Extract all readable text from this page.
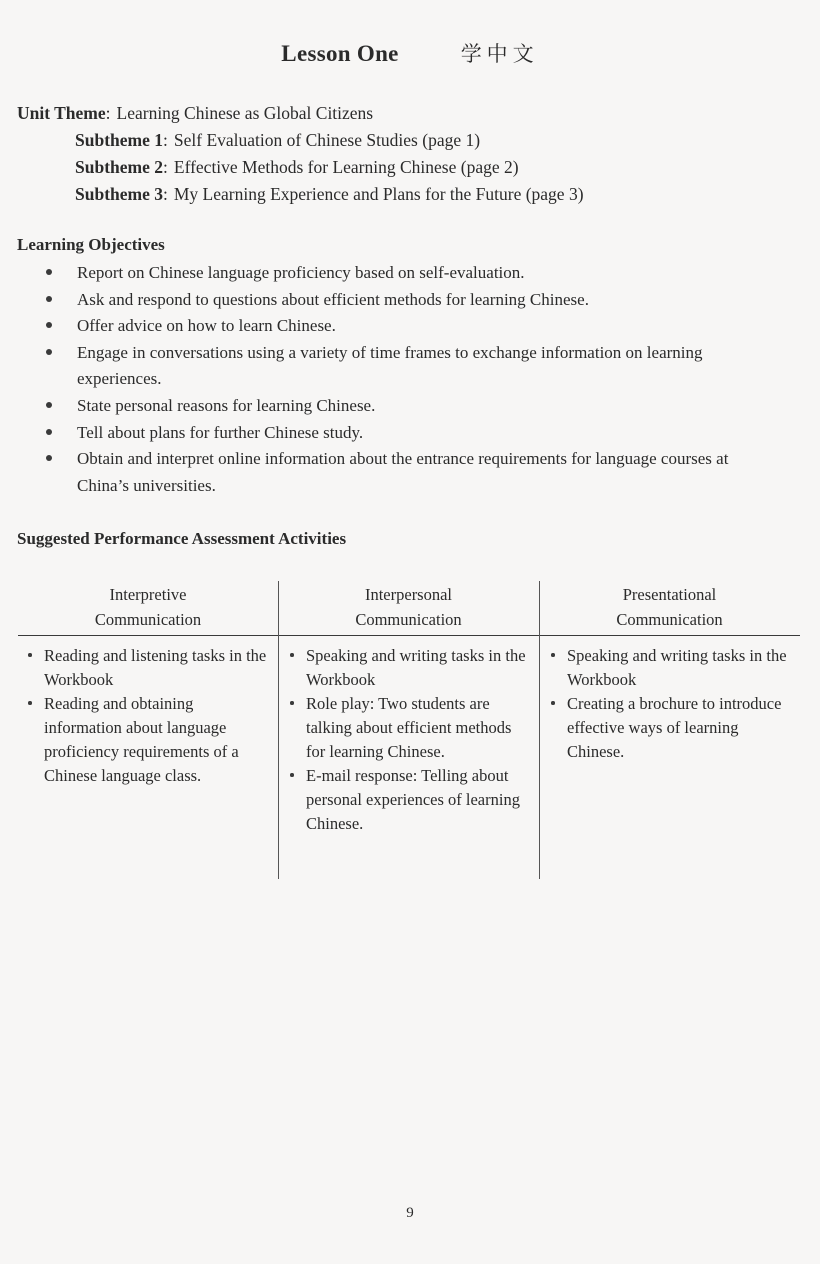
Lesson One	学中文
Unit Theme: Learning Chinese as Global Citizens
Subtheme 1: Self Evaluation of Chinese Studies (page 1)
Subtheme 2: Effective Methods for Learning Chinese (page 2)
Subtheme 3: My Learning Experience and Plans for the Future (page 3)
Learning Objectives
Report on Chinese language proficiency based on self-evaluation.
Ask and respond to questions about efficient methods for learning Chinese.
Offer advice on how to learn Chinese.
Engage in conversations using a variety of time frames to exchange information on learning experiences.
State personal reasons for learning Chinese.
Tell about plans for further Chinese study.
Obtain and interpret online information about the entrance requirements for language courses at China’s universities.
Suggested Performance Assessment Activities
Interpretive
Communication
Interpersonal
Communication
Presentational
Communication
Reading and listening tasks in the Workbook
Reading and obtaining information about language proficiency requirements of a Chinese language class.
Speaking and writing tasks in the Workbook
Role play: Two students are talking about efficient methods for learning Chinese.
E-mail response: Telling about personal experiences of learning Chinese.
Speaking and writing tasks in the Workbook
Creating a brochure to introduce effective ways of learning Chinese.
9
